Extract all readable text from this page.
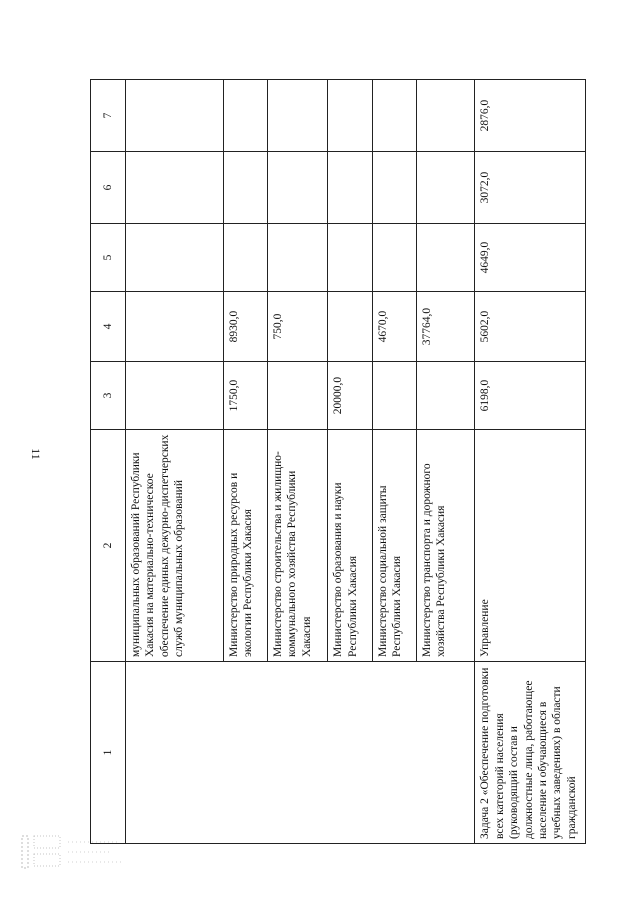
11
1	2	3	4	5	6	7
	муниципальных образований Республики Хакасия на материально-техническое обеспечение единых дежурно-диспетчерских служб муниципальных образований					
	Министерство природных ресурсов и экологии Республики Хакасия	1750,0	8930,0			
	Министерство строительства и жилищно-коммунального хозяйства Республики Хакасия		750,0			
	Министерство образования и науки Республики Хакасия	20000,0				
	Министерство социальной защиты Республики Хакасия		4670,0			
	Министерство транспорта и дорожного хозяйства Республики Хакасия		37764,0			
Задача 2 «Обеспечение подготовки всех категорий населения (руководящий состав и должностные лица, работающее население и обучающиеся в учебных заведениях) в области гражданской	Управление	6198,0	5602,0	4649,0	3072,0	2876,0
